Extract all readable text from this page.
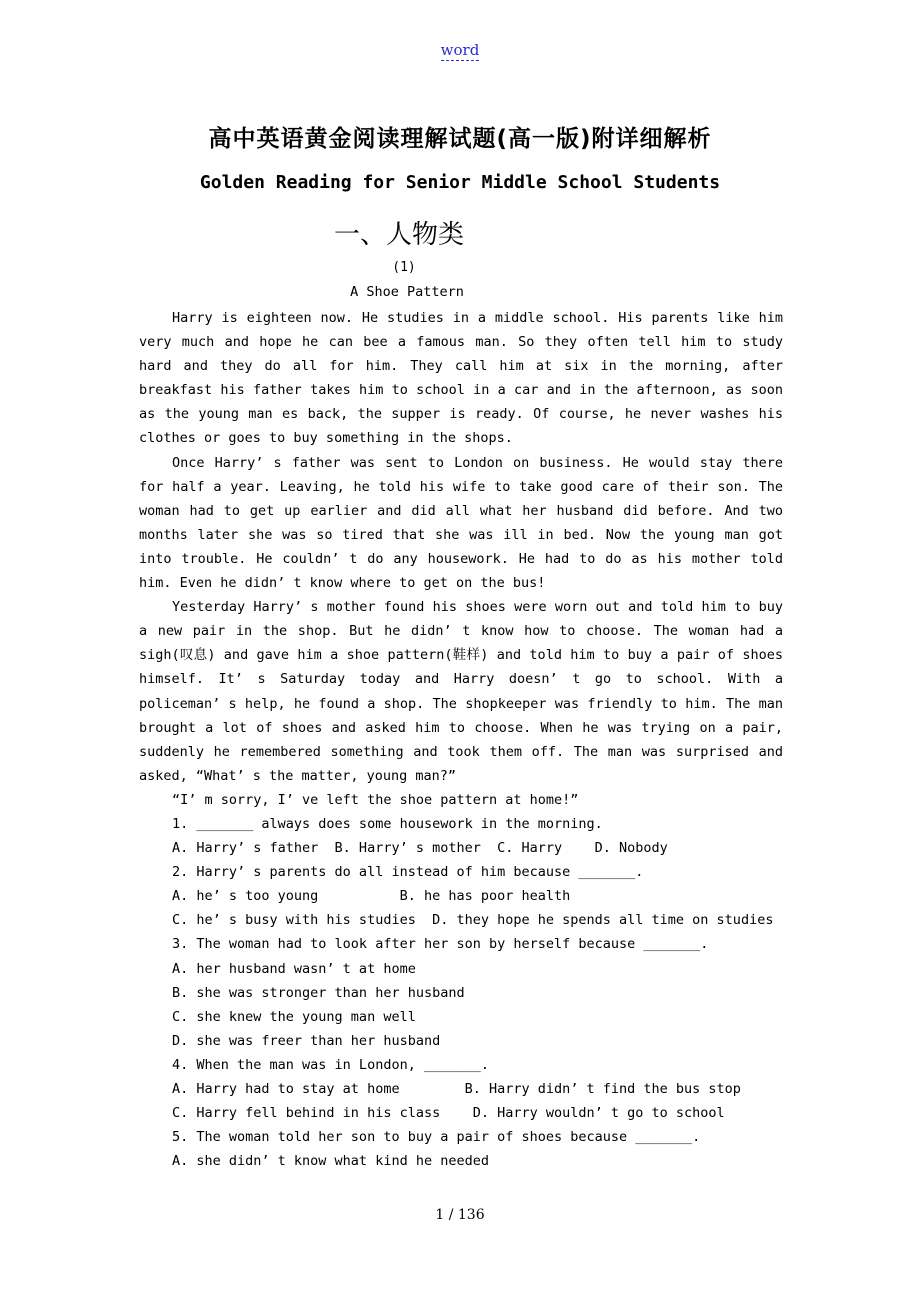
word
高中英语黄金阅读理解试题(高一版)附详细解析
Golden Reading for Senior Middle School Students
一、人物类
(1)
A Shoe Pattern

Harry is eighteen now. He studies in a middle school. His parents like him very much and hope he can bee a famous man. So they often tell him to study hard and they do all for him. They call him at six in the morning, after breakfast his father takes him to school in a car and in the afternoon, as soon as the young man es back, the supper is ready. Of course, he never washes his clothes or goes to buy something in the shops.

Once Harry’ s father was sent to London on business. He would stay there for half a year. Leaving, he told his wife to take good care of their son. The woman had to get up earlier and did all what her husband did before. And two months later she was so tired that she was ill in bed. Now the young man got into trouble. He couldn’ t do any housework. He had to do as his mother told him. Even he didn’ t know where to get on the bus!

Yesterday Harry’ s mother found his shoes were worn out and told him to buy a new pair in the shop. But he didn’ t know how to choose. The woman had a sigh(叹息) and gave him a shoe pattern(鞋样) and told him to buy a pair of shoes himself. It’ s Saturday today and Harry doesn’ t go to school. With a policeman’ s help, he found a shop. The shopkeeper was friendly to him. The man brought a lot of shoes and asked him to choose. When he was trying on a pair, suddenly he remembered something and took them off. The man was surprised and asked, “What’ s the matter, young man?”

“I’ m sorry, I’ ve left the shoe pattern at home!”

1. _______ always does some housework in the morning.

A. Harry’ s father  B. Harry’ s mother  C. Harry    D. Nobody

2. Harry’ s parents do all instead of him because _______.

A. he’ s too young          B. he has poor health

C. he’ s busy with his studies  D. they hope he spends all time on studies

3. The woman had to look after her son by herself because _______.

A. her husband wasn’ t at home

B. she was stronger than her husband

C. she knew the young man well

D. she was freer than her husband

4. When the man was in London, _______.

A. Harry had to stay at home        B. Harry didn’ t find the bus stop

C. Harry fell behind in his class    D. Harry wouldn’ t go to school

5. The woman told her son to buy a pair of shoes because _______.

A. she didn’ t know what kind he needed

1 / 136
